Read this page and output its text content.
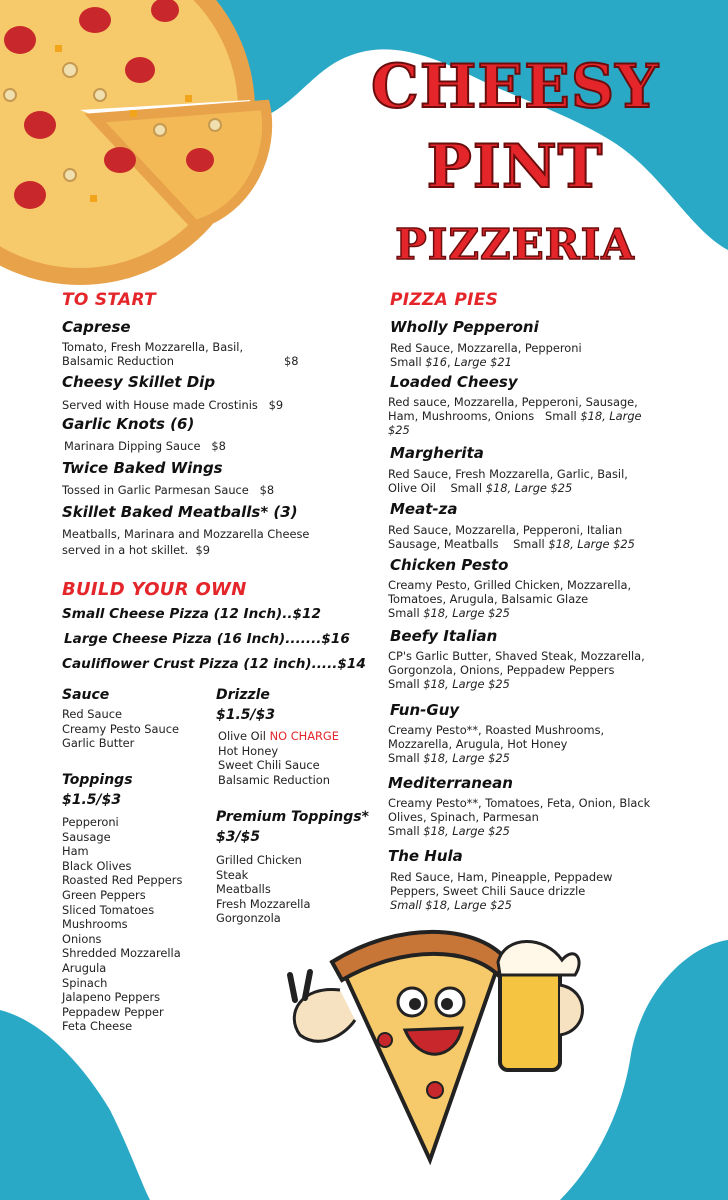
CHEESY
PINT
PIZZERIA
TO START
Caprese
Tomato, Fresh Mozzarella, Basil,
Balsamic Reduction	$8
Cheesy Skillet Dip
Served with House made Crostinis   $9
Garlic Knots (6)
Marinara Dipping Sauce   $8
Twice Baked Wings
Tossed in Garlic Parmesan Sauce   $8
Skillet Baked Meatballs* (3)
Meatballs, Marinara and Mozzarella Cheese
served in a hot skillet.  $9
BUILD YOUR OWN
Small Cheese Pizza (12 Inch)..$12
Large Cheese Pizza (16 Inch).......$16
Cauliflower Crust Pizza (12 inch).....$14
Sauce
Red Sauce
Creamy Pesto Sauce
Garlic Butter
Drizzle
$1.5/$3
Olive Oil NO CHARGE
Hot Honey
Sweet Chili Sauce
Balsamic Reduction
Toppings
$1.5/$3
Pepperoni
Sausage
Ham
Black Olives
Roasted Red Peppers
Green Peppers
Sliced Tomatoes
Mushrooms
Onions
Shredded Mozzarella
Arugula
Spinach
Jalapeno Peppers
Peppadew Pepper
Feta Cheese
Premium Toppings*
$3/$5
Grilled Chicken
Steak
Meatballs
Fresh Mozzarella
Gorgonzola
PIZZA PIES
Wholly Pepperoni
Red Sauce, Mozzarella, Pepperoni
Small $16, Large $21
Loaded Cheesy
Red sauce, Mozzarella, Pepperoni, Sausage,
Ham, Mushrooms, Onions   Small $18, Large
$25
Margherita
Red Sauce, Fresh Mozzarella, Garlic, Basil,
Olive Oil    Small $18, Large $25
Meat-za
Red Sauce, Mozzarella, Pepperoni, Italian
Sausage, Meatballs    Small $18, Large $25
Chicken Pesto
Creamy Pesto, Grilled Chicken, Mozzarella,
Tomatoes, Arugula, Balsamic Glaze
Small $18, Large $25
Beefy Italian
CP's Garlic Butter, Shaved Steak, Mozzarella,
Gorgonzola, Onions, Peppadew Peppers
Small $18, Large $25
Fun-Guy
Creamy Pesto**, Roasted Mushrooms,
Mozzarella, Arugula, Hot Honey
Small $18, Large $25
Mediterranean
Creamy Pesto**, Tomatoes, Feta, Onion, Black
Olives, Spinach, Parmesan
Small $18, Large $25
The Hula
Red Sauce, Ham, Pineapple, Peppadew
Peppers, Sweet Chili Sauce drizzle
Small $18, Large $25
